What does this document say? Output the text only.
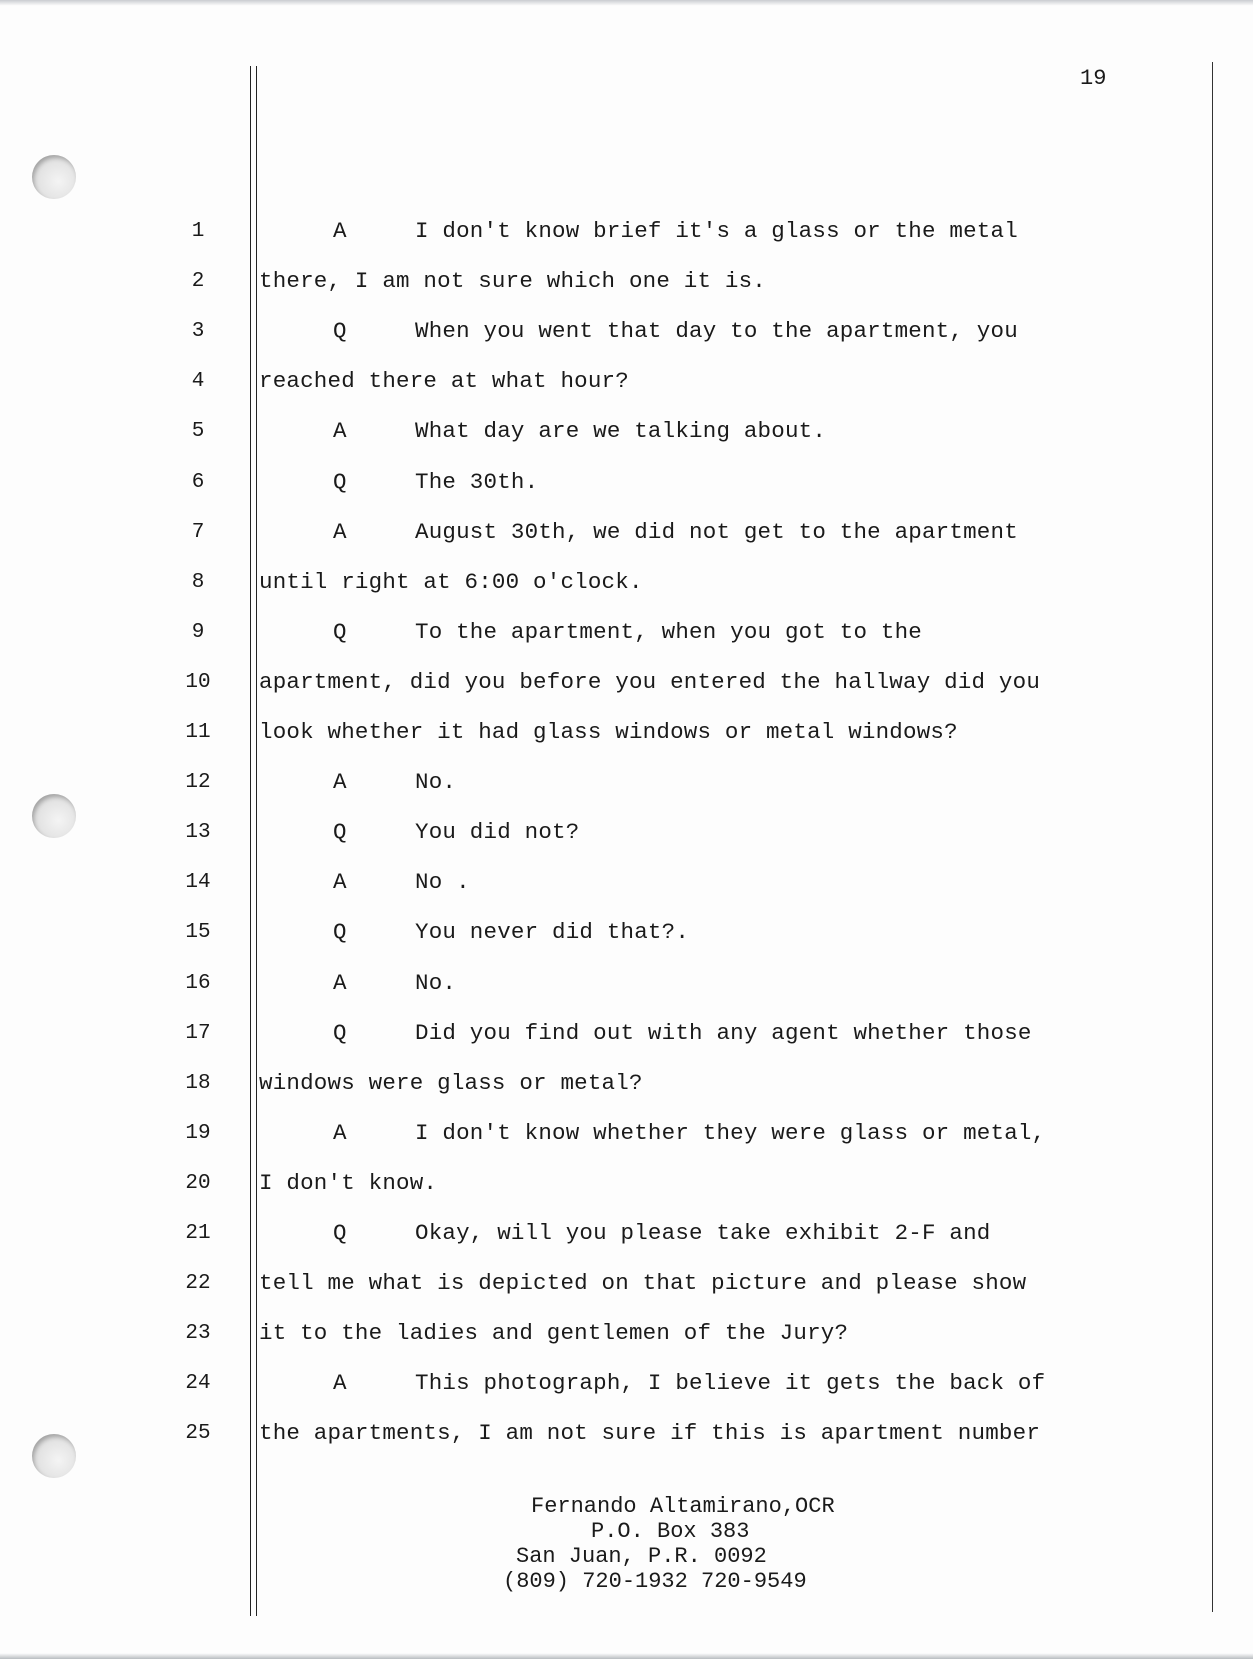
19
1	A	I don't know brief it's a glass or the metal
2	there, I am not sure which one it is.
3	Q	When you went that day to the apartment, you
4	reached there at what hour?
5	A	What day are we talking about.
6	Q	The 30th.
7	A	August 30th, we did not get to the apartment
8	until right at 6:00 o'clock.
9	Q	To the apartment, when you got to the
10	apartment, did you before you entered the hallway did you
11	look whether it had glass windows or metal windows?
12	A	No.
13	Q	You did not?
14	A	No .
15	Q	You never did that?.
16	A	No.
17	Q	Did you find out with any agent whether those
18	windows were glass or metal?
19	A	I don't know whether they were glass or metal,
20	I don't know.
21	Q	Okay, will you please take exhibit 2-F and
22	tell me what is depicted on that picture and please show
23	it to the ladies and gentlemen of the Jury?
24	A	This photograph, I believe it gets the back of
25	the apartments, I am not sure if this is apartment number
Fernando Altamirano,OCR
P.O. Box 383
San Juan, P.R. 0092
(809) 720-1932 720-9549
